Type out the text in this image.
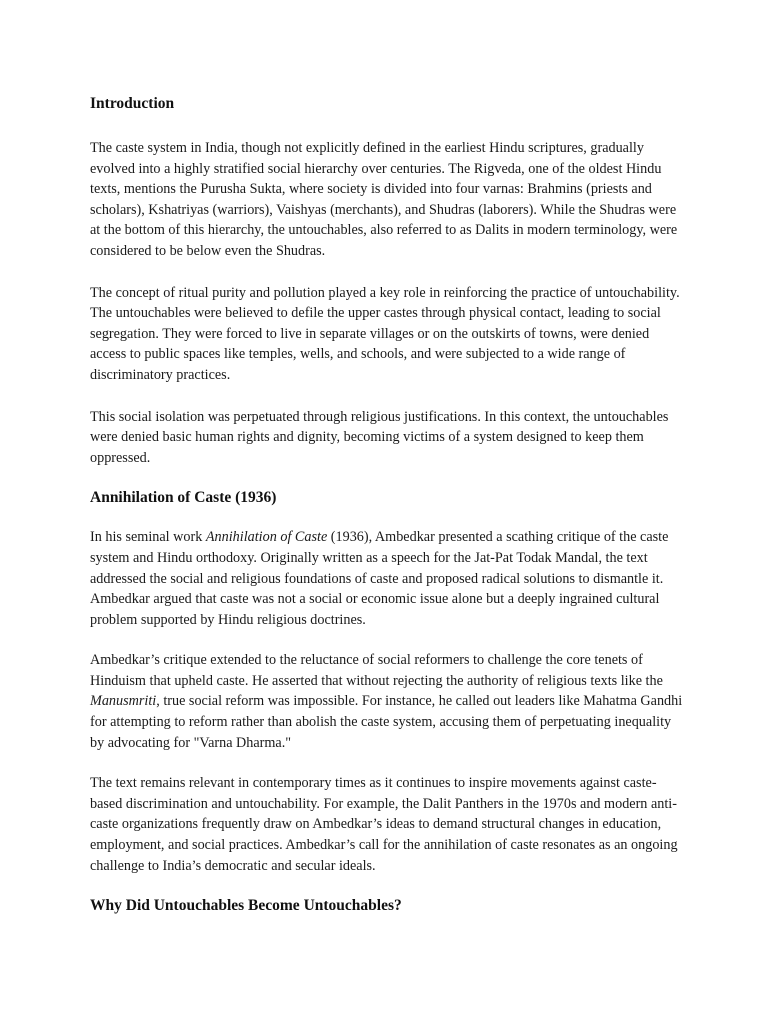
Introduction

The caste system in India, though not explicitly defined in the earliest Hindu scriptures, gradually evolved into a highly stratified social hierarchy over centuries. The Rigveda, one of the oldest Hindu texts, mentions the Purusha Sukta, where society is divided into four varnas: Brahmins (priests and scholars), Kshatriyas (warriors), Vaishyas (merchants), and Shudras (laborers). While the Shudras were at the bottom of this hierarchy, the untouchables, also referred to as Dalits in modern terminology, were considered to be below even the Shudras.

The concept of ritual purity and pollution played a key role in reinforcing the practice of untouchability. The untouchables were believed to defile the upper castes through physical contact, leading to social segregation. They were forced to live in separate villages or on the outskirts of towns, were denied access to public spaces like temples, wells, and schools, and were subjected to a wide range of discriminatory practices.

This social isolation was perpetuated through religious justifications. In this context, the untouchables were denied basic human rights and dignity, becoming victims of a system designed to keep them oppressed.

Annihilation of Caste (1936)

In his seminal work Annihilation of Caste (1936), Ambedkar presented a scathing critique of the caste system and Hindu orthodoxy. Originally written as a speech for the Jat-Pat Todak Mandal, the text addressed the social and religious foundations of caste and proposed radical solutions to dismantle it. Ambedkar argued that caste was not a social or economic issue alone but a deeply ingrained cultural problem supported by Hindu religious doctrines.

Ambedkar’s critique extended to the reluctance of social reformers to challenge the core tenets of Hinduism that upheld caste. He asserted that without rejecting the authority of religious texts like the Manusmriti, true social reform was impossible. For instance, he called out leaders like Mahatma Gandhi for attempting to reform rather than abolish the caste system, accusing them of perpetuating inequality by advocating for "Varna Dharma."

The text remains relevant in contemporary times as it continues to inspire movements against caste-based discrimination and untouchability. For example, the Dalit Panthers in the 1970s and modern anti-caste organizations frequently draw on Ambedkar’s ideas to demand structural changes in education, employment, and social practices. Ambedkar’s call for the annihilation of caste resonates as an ongoing challenge to India’s democratic and secular ideals.

Why Did Untouchables Become Untouchables?
